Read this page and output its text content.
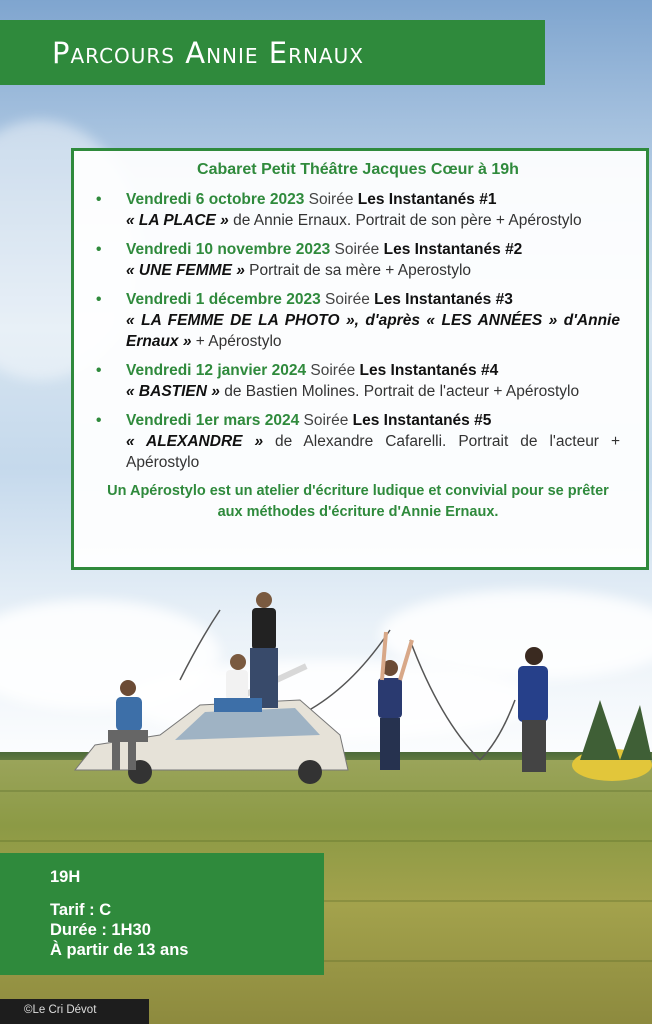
Parcours Annie Ernaux
Cabaret Petit Théâtre Jacques Cœur à 19h
• Vendredi 6 octobre 2023 Soirée Les Instantanés #1
« LA PLACE » de Annie Ernaux. Portrait de son père + Apérostylo
• Vendredi 10 novembre 2023 Soirée Les Instantanés #2
« UNE FEMME » Portrait de sa mère + Aperostylo
• Vendredi 1 décembre 2023 Soirée Les Instantanés #3
« LA FEMME DE LA PHOTO », d'après « LES ANNÉES » d'Annie Ernaux » + Apérostylo
• Vendredi 12 janvier 2024 Soirée Les Instantanés #4
« BASTIEN » de Bastien Molines. Portrait de l'acteur + Apérostylo
• Vendredi 1er mars 2024 Soirée Les Instantanés #5
« ALEXANDRE » de Alexandre Cafarelli. Portrait de l'acteur + Apérostylo
Un Apérostylo est un atelier d'écriture ludique et convivial pour se prêter aux méthodes d'écriture d'Annie Ernaux.
19H
Tarif : C
Durée : 1H30
À partir de 13 ans
©Le Cri Dévot
